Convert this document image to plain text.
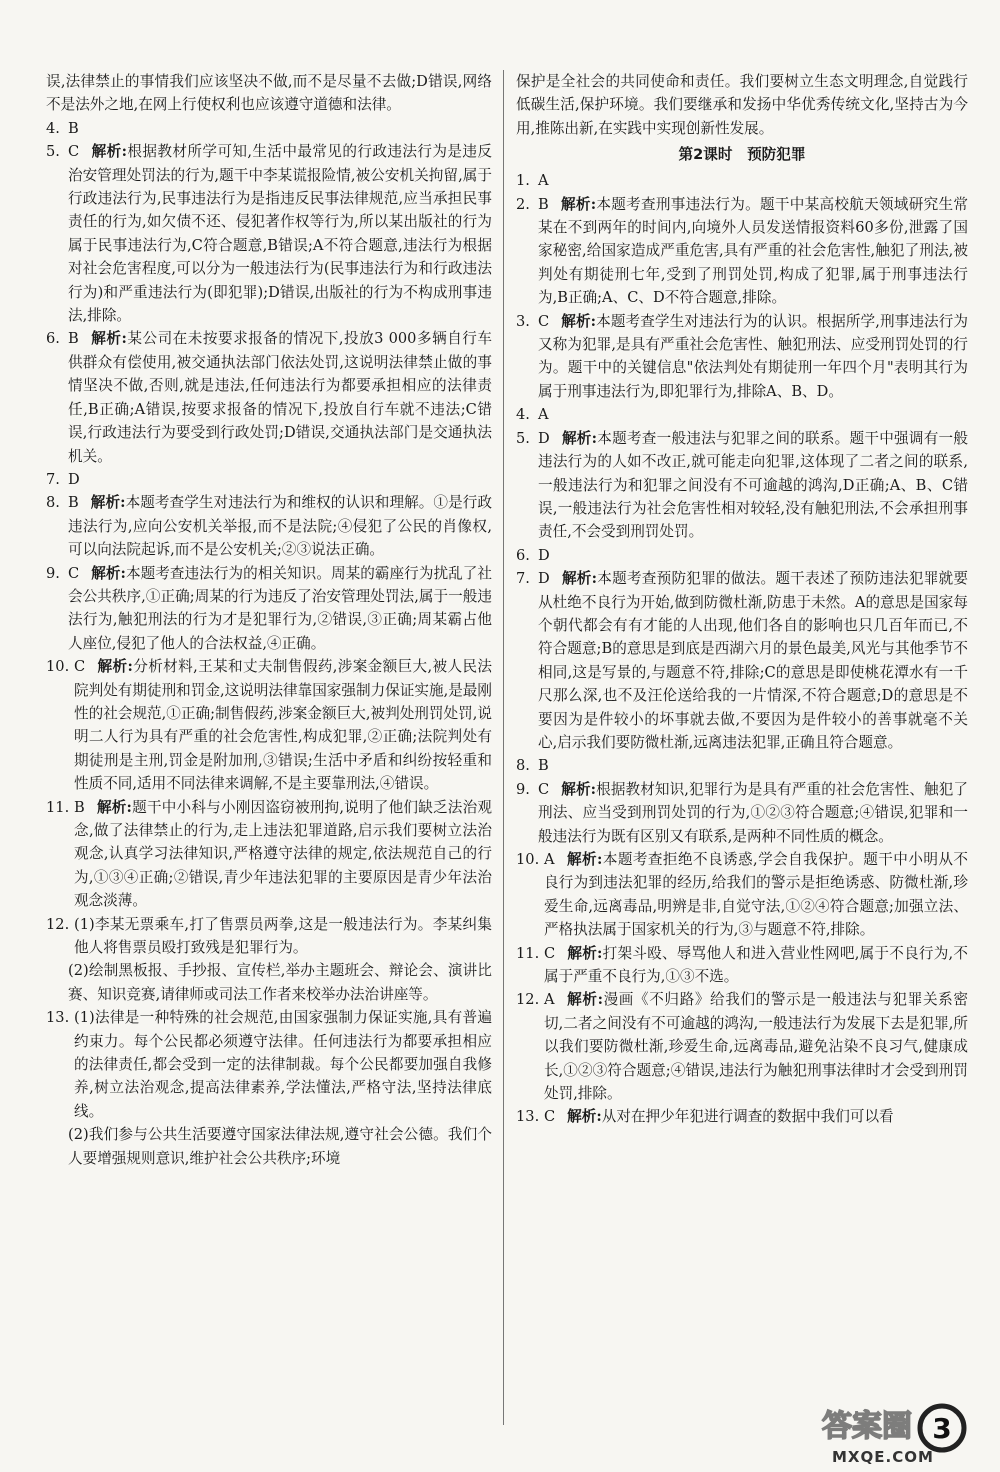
误,法律禁止的事情我们应该坚决不做,而不是尽量不去做;D错误,网络不是法外之地,在网上行使权利也应该遵守道德和法律。
4. B
5. C 解析:根据教材所学可知,生活中最常见的行政违法行为是违反治安管理处罚法的行为,题干中李某谎报险情,被公安机关拘留,属于行政违法行为,民事违法行为是指违反民事法律规范,应当承担民事责任的行为,如欠债不还、侵犯著作权等行为,所以某出版社的行为属于民事违法行为,C符合题意,B错误;A不符合题意,违法行为根据对社会危害程度,可以分为一般违法行为(民事违法行为和行政违法行为)和严重违法行为(即犯罪);D错误,出版社的行为不构成刑事违法,排除。
6. B 解析:某公司在未按要求报备的情况下,投放3 000多辆自行车供群众有偿使用,被交通执法部门依法处罚,这说明法律禁止做的事情坚决不做,否则,就是违法,任何违法行为都要承担相应的法律责任,B正确;A错误,按要求报备的情况下,投放自行车就不违法;C错误,行政违法行为要受到行政处罚;D错误,交通执法部门是交通执法机关。
7. D
8. B 解析:本题考查学生对违法行为和维权的认识和理解。①是行政违法行为,应向公安机关举报,而不是法院;④侵犯了公民的肖像权,可以向法院起诉,而不是公安机关;②③说法正确。
9. C 解析:本题考查违法行为的相关知识。周某的霸座行为扰乱了社会公共秩序,①正确;周某的行为违反了治安管理处罚法,属于一般违法行为,触犯刑法的行为才是犯罪行为,②错误,③正确;周某霸占他人座位,侵犯了他人的合法权益,④正确。
10. C 解析:分析材料,王某和丈夫制售假药,涉案金额巨大,被人民法院判处有期徒刑和罚金,这说明法律靠国家强制力保证实施,是最刚性的社会规范,①正确;制售假药,涉案金额巨大,被判处刑罚处罚,说明二人行为具有严重的社会危害性,构成犯罪,②正确;法院判处有期徒刑是主刑,罚金是附加刑,③错误;生活中矛盾和纠纷按轻重和性质不同,适用不同法律来调解,不是主要靠刑法,④错误。
11. B 解析:题干中小科与小刚因盗窃被刑拘,说明了他们缺乏法治观念,做了法律禁止的行为,走上违法犯罪道路,启示我们要树立法治观念,认真学习法律知识,严格遵守法律的规定,依法规范自己的行为,①③④正确;②错误,青少年违法犯罪的主要原因是青少年法治观念淡薄。
12. (1)李某无票乘车,打了售票员两拳,这是一般违法行为。李某纠集他人将售票员殴打致残是犯罪行为。
(2)绘制黑板报、手抄报、宣传栏,举办主题班会、辩论会、演讲比赛、知识竞赛,请律师或司法工作者来校举办法治讲座等。
13. (1)法律是一种特殊的社会规范,由国家强制力保证实施,具有普遍约束力。每个公民都必须遵守法律。任何违法行为都要承担相应的法律责任,都会受到一定的法律制裁。每个公民都要加强自我修养,树立法治观念,提高法律素养,学法懂法,严格守法,坚持法律底线。
(2)我们参与公共生活要遵守国家法律法规,遵守社会公德。我们个人要增强规则意识,维护社会公共秩序;环境
保护是全社会的共同使命和责任。我们要树立生态文明理念,自觉践行低碳生活,保护环境。我们要继承和发扬中华优秀传统文化,坚持古为今用,推陈出新,在实践中实现创新性发展。
第2课时　预防犯罪
1. A
2. B 解析:本题考查刑事违法行为。题干中某高校航天领域研究生常某在不到两年的时间内,向境外人员发送情报资料60多份,泄露了国家秘密,给国家造成严重危害,具有严重的社会危害性,触犯了刑法,被判处有期徒刑七年,受到了刑罚处罚,构成了犯罪,属于刑事违法行为,B正确;A、C、D不符合题意,排除。
3. C 解析:本题考查学生对违法行为的认识。根据所学,刑事违法行为又称为犯罪,是具有严重社会危害性、触犯刑法、应受刑罚处罚的行为。题干中的关键信息"依法判处有期徒刑一年四个月"表明其行为属于刑事违法行为,即犯罪行为,排除A、B、D。
4. A
5. D 解析:本题考查一般违法与犯罪之间的联系。题干中强调有一般违法行为的人如不改正,就可能走向犯罪,这体现了二者之间的联系,一般违法行为和犯罪之间没有不可逾越的鸿沟,D正确;A、B、C错误,一般违法行为社会危害性相对较轻,没有触犯刑法,不会承担刑事责任,不会受到刑罚处罚。
6. D
7. D 解析:本题考查预防犯罪的做法。题干表述了预防违法犯罪就要从杜绝不良行为开始,做到防微杜渐,防患于未然。A的意思是国家每个朝代都会有有才能的人出现,他们各自的影响也只几百年而已,不符合题意;B的意思是到底是西湖六月的景色最美,风光与其他季节不相同,这是写景的,与题意不符,排除;C的意思是即使桃花潭水有一千尺那么深,也不及汪伦送给我的一片情深,不符合题意;D的意思是不要因为是件较小的坏事就去做,不要因为是件较小的善事就毫不关心,启示我们要防微杜渐,远离违法犯罪,正确且符合题意。
8. B
9. C 解析:根据教材知识,犯罪行为是具有严重的社会危害性、触犯了刑法、应当受到刑罚处罚的行为,①②③符合题意;④错误,犯罪和一般违法行为既有区别又有联系,是两种不同性质的概念。
10. A 解析:本题考查拒绝不良诱惑,学会自我保护。题干中小明从不良行为到违法犯罪的经历,给我们的警示是拒绝诱惑、防微杜渐,珍爱生命,远离毒品,明辨是非,自觉守法,①②④符合题意;加强立法、严格执法属于国家机关的行为,③与题意不符,排除。
11. C 解析:打架斗殴、辱骂他人和进入营业性网吧,属于不良行为,不属于严重不良行为,①③不选。
12. A 解析:漫画《不归路》给我们的警示是一般违法与犯罪关系密切,二者之间没有不可逾越的鸿沟,一般违法行为发展下去是犯罪,所以我们要防微杜渐,珍爱生命,远离毒品,避免沾染不良习气,健康成长,①②③符合题意;④错误,违法行为触犯刑事法律时才会受到刑罚处罚,排除。
13. C 解析:从对在押少年犯进行调查的数据中我们可以看
3
答案圈
MXQE.COM
